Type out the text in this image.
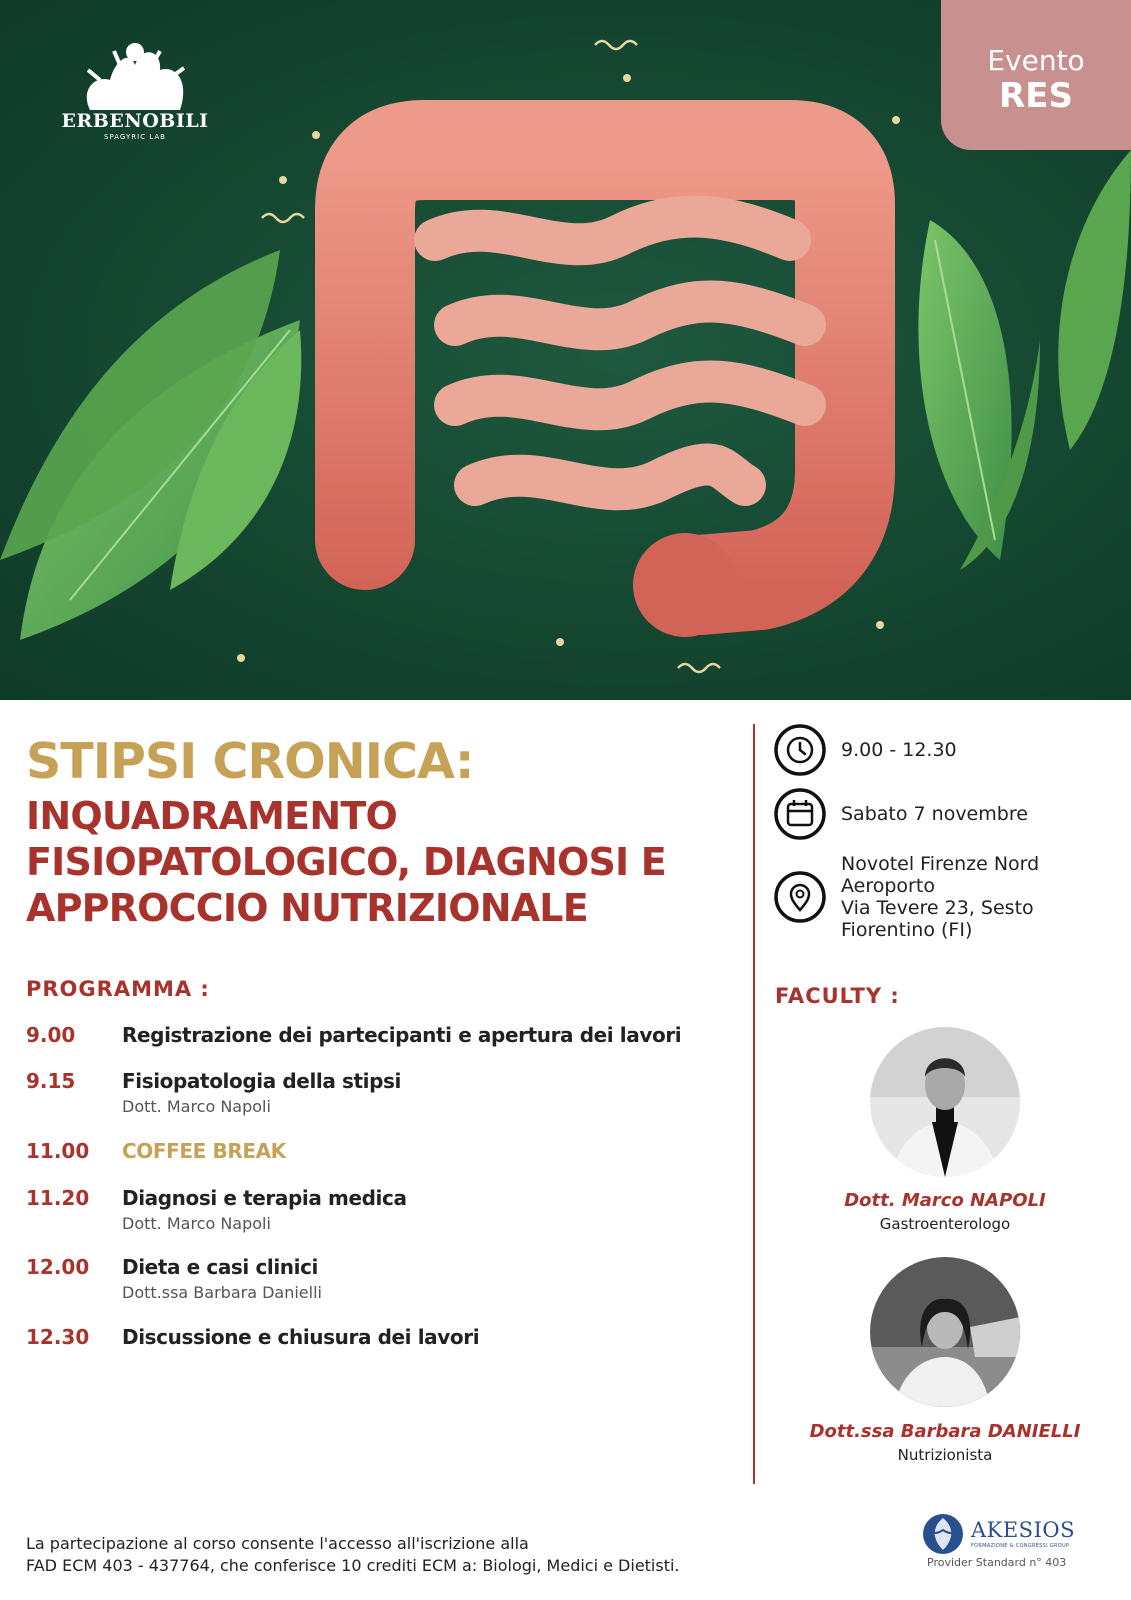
ERBENOBILI
SPAGYRIC LAB
Evento
RES
STIPSI CRONICA:
INQUADRAMENTO
FISIOPATOLOGICO, DIAGNOSI E
APPROCCIO NUTRIZIONALE
PROGRAMMA :
9.00 Registrazione dei partecipanti e apertura dei lavori
9.15 Fisiopatologia della stipsi
Dott. Marco Napoli
11.00 COFFEE BREAK
11.20 Diagnosi e terapia medica
Dott. Marco Napoli
12.00 Dieta e casi clinici
Dott.ssa Barbara Danielli
12.30 Discussione e chiusura dei lavori
9.00 - 12.30
Sabato 7 novembre
Novotel Firenze Nord
Aeroporto
Via Tevere 23, Sesto
Fiorentino (FI)
FACULTY :
Dott. Marco NAPOLI
Gastroenterologo
Dott.ssa Barbara DANIELLI
Nutrizionista
La partecipazione al corso consente l'accesso all'iscrizione alla
FAD ECM 403 - 437764, che conferisce 10 crediti ECM a: Biologi, Medici e Dietisti.
AKESIOS
FORMAZIONE & CONGRESSI GROUP
Provider Standard n° 403
